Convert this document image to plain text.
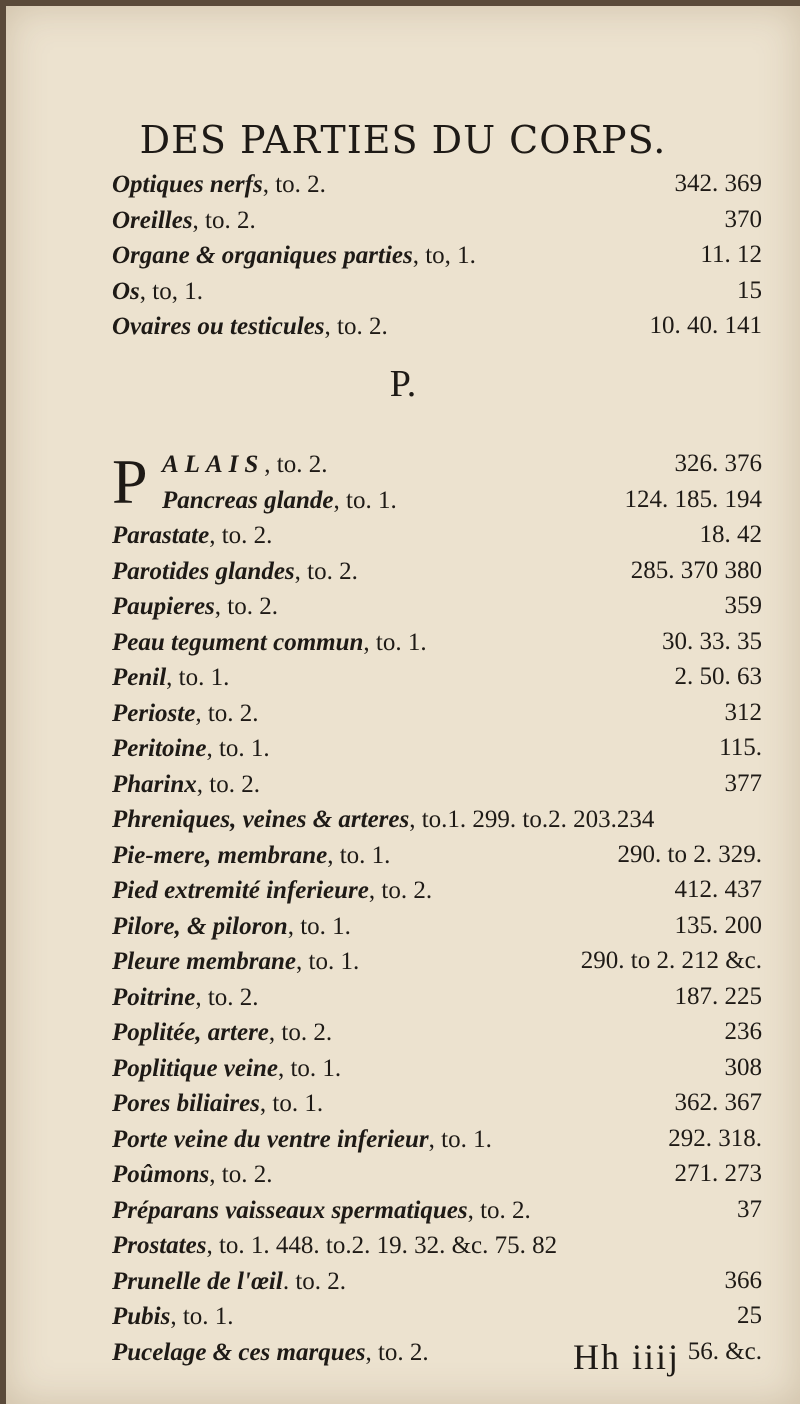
DES PARTIES DU CORPS.
Optiques nerfs, to. 2.	342. 369
Oreilles, to. 2.	370
Organe & organiques parties, to, 1.	11. 12
Os, to, 1.	15
Ovaires ou testicules, to. 2.	10. 40. 141
P.
P ALAIS, to. 2.	326. 376
Pancreas glande, to. 1.	124. 185. 194
Parastate, to. 2.	18. 42
Parotides glandes, to. 2.	285. 370 380
Paupieres, to. 2.	359
Peau tegument commun, to. 1.	30. 33. 35
Penil, to. 1.	2. 50. 63
Perioste, to. 2.	312
Peritoine, to. 1.	115.
Pharinx, to. 2.	377
Phreniques, veines & arteres, to.1. 299. to.2. 203.234
Pie-mere, membrane, to. 1.	290. to 2. 329.
Pied extremité inferieure, to. 2.	412. 437
Pilore, & piloron, to. 1.	135. 200
Pleure membrane, to. 1.	290. to 2. 212 &c.
Poitrine, to. 2.	187. 225
Poplitée, artere, to. 2.	236
Poplitique veine, to. 1.	308
Pores biliaires, to. 1.	362. 367
Porte veine du ventre inferieur, to. 1.	292. 318.
Poûmons, to. 2.	271. 273
Préparans vaisseaux spermatiques, to. 2.	37
Prostates, to. 1. 448. to.2. 19. 32. &c. 75. 82
Prunelle de l'œil. to. 2.	366
Pubis, to. 1.	25
Pucelage & ces marques, to. 2.	56. &c.
Hh iiij
